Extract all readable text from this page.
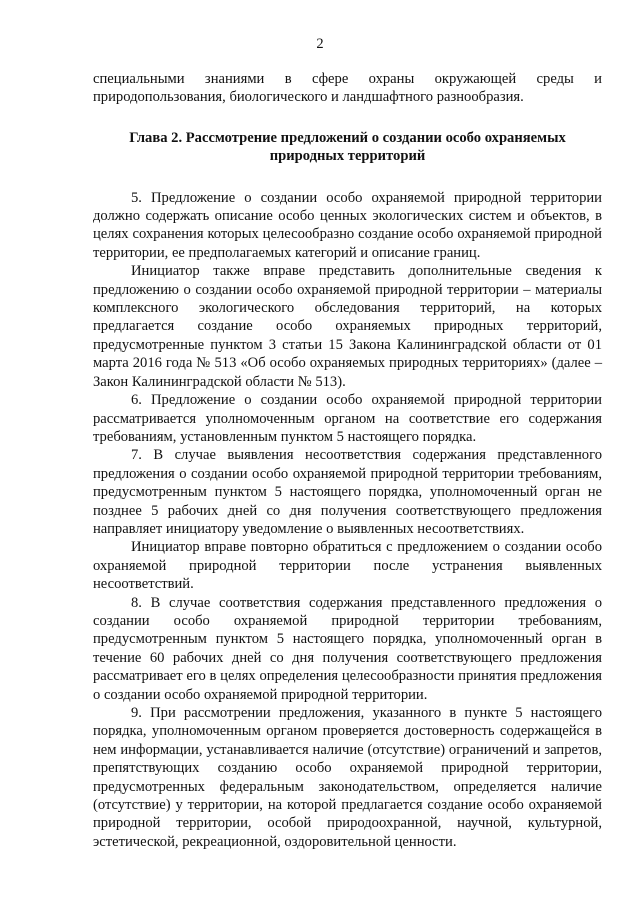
2

специальными знаниями в сфере охраны окружающей среды и природопользования, биологического и ландшафтного разнообразия.

Глава 2. Рассмотрение предложений о создании особо охраняемых природных территорий

5. Предложение о создании особо охраняемой природной территории должно содержать описание особо ценных экологических систем и объектов, в целях сохранения которых целесообразно создание особо охраняемой природной территории, ее предполагаемых категорий и описание границ.

Инициатор также вправе представить дополнительные сведения к предложению о создании особо охраняемой природной территории – материалы комплексного экологического обследования территорий, на которых предлагается создание особо охраняемых природных территорий, предусмотренные пунктом 3 статьи 15 Закона Калининградской области от 01 марта 2016 года № 513 «Об особо охраняемых природных территориях» (далее – Закон Калининградской области № 513).

6. Предложение о создании особо охраняемой природной территории рассматривается уполномоченным органом на соответствие его содержания требованиям, установленным пунктом 5 настоящего порядка.

7. В случае выявления несоответствия содержания представленного предложения о создании особо охраняемой природной территории требованиям, предусмотренным пунктом 5 настоящего порядка, уполномоченный орган не позднее 5 рабочих дней со дня получения соответствующего предложения направляет инициатору уведомление о выявленных несоответствиях.

Инициатор вправе повторно обратиться с предложением о создании особо охраняемой природной территории после устранения выявленных несоответствий.

8. В случае соответствия содержания представленного предложения о создании особо охраняемой природной территории требованиям, предусмотренным пунктом 5 настоящего порядка, уполномоченный орган в течение 60 рабочих дней со дня получения соответствующего предложения рассматривает его в целях определения целесообразности принятия предложения о создании особо охраняемой природной территории.

9. При рассмотрении предложения, указанного в пункте 5 настоящего порядка, уполномоченным органом проверяется достоверность содержащейся в нем информации, устанавливается наличие (отсутствие) ограничений и запретов, препятствующих созданию особо охраняемой природной территории, предусмотренных федеральным законодательством, определяется наличие (отсутствие) у территории, на которой предлагается создание особо охраняемой природной территории, особой природоохранной, научной, культурной, эстетической, рекреационной, оздоровительной ценности.
